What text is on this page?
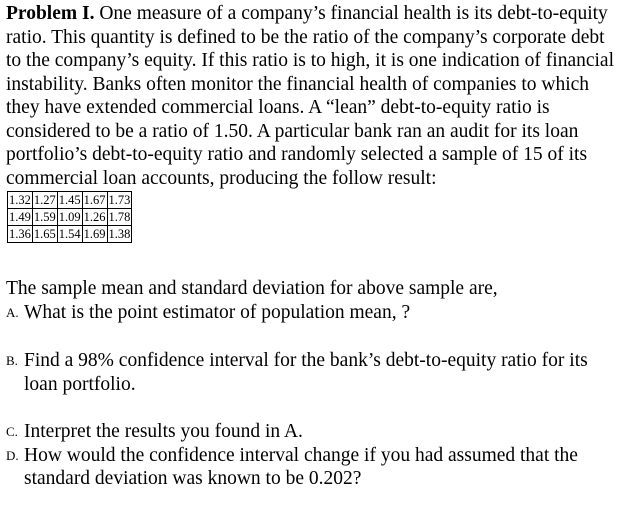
Problem I. One measure of a company’s financial health is its debt-to-equity ratio. This quantity is defined to be the ratio of the company’s corporate debt to the company’s equity. If this ratio is to high, it is one indication of financial instability. Banks often monitor the financial health of companies to which they have extended commercial loans. A “lean” debt-to-equity ratio is considered to be a ratio of 1.50. A particular bank ran an audit for its loan portfolio’s debt-to-equity ratio and randomly selected a sample of 15 of its commercial loan accounts, producing the follow result:

1.32	1.27	1.45	1.67	1.73
1.49	1.59	1.09	1.26	1.78
1.36	1.65	1.54	1.69	1.38

The sample mean and standard deviation for above sample are,

A. What is the point estimator of population mean, ?

B. Find a 98% confidence interval for the bank’s debt-to-equity ratio for its loan portfolio.

C. Interpret the results you found in A.

D. How would the confidence interval change if you had assumed that the standard deviation was known to be 0.202?
